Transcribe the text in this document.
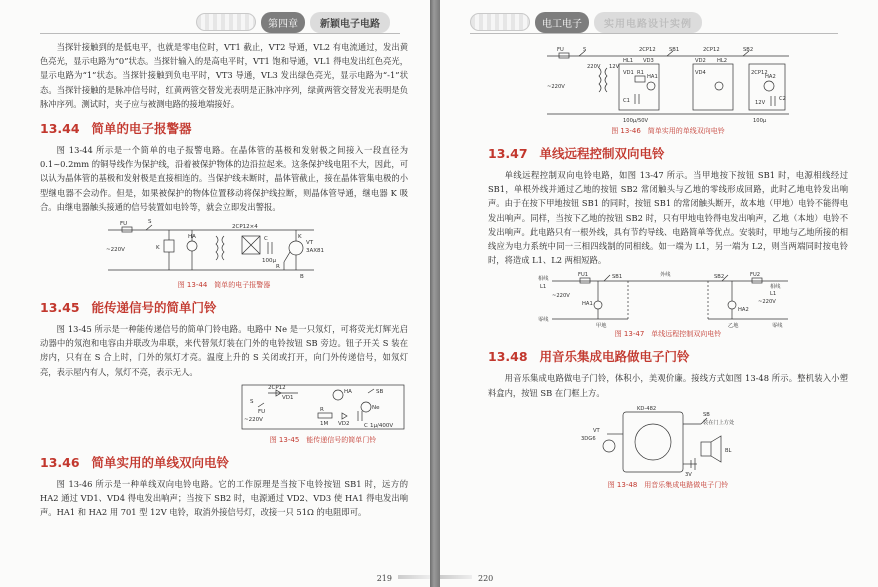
第四章	新颖电子电路

当探针接触到的是低电平，也就是零电位时，VT1 截止，VT2 导通，VL2 有电流通过，发出黄色亮光，显示电路为“0”状态。当探针输入的是高电平时，VT1 饱和导通，VL1 得电发出红色亮光，显示电路为“1”状态。当探针接触到负电平时，VT3 导通，VL3 发出绿色亮光，显示电路为“-1”状态。当探针接触的是脉冲信号时，红黄两管交替发光表明是正脉冲序列，绿黄两管交替发光表明是负脉冲序列。测试时，夹子应与被测电路的接地端接好。

13.44 简单的电子报警器

图 13-44 所示是一个简单的电子报警电路。在晶体管的基极和发射极之间接入一段直径为 0.1~0.2mm 的铜导线作为保护线，沿着被保护物体的边沿拉起来。这条保护线电阻不大，因此，可以认为晶体管的基极和发射极是直接相连的。当保护线未断时，晶体管截止，接在晶体管集电极的小型继电器不会动作。但是，如果被保护的物体位置移动将保护线拉断，则晶体管导通，继电器 K 吸合。由继电器触头接通的信号装置如电铃等，就会立即发出警报。

FU	S
~220V	K
HA
2CP12×4
C
100μ
VT
3AX81
R
K
B
图 13-44　简单的电子报警器
13.45 能传递信号的简单门铃

图 13-45 所示是一种能传递信号的简单门铃电路。电路中 Ne 是一只氖灯，可将荧光灯辉光启动器中的氖泡和电容由并联改为串联，来代替氖灯装在门外的电铃按钮 SB 旁边。钮子开关 S 装在房内，只有在 S 合上时，门外的氖灯才亮。温度上升的 S 关闭或打开，向门外传递信号，如氖灯亮，表示屋内有人，氖灯不亮，表示无人。

2CP12
VD1
HA
Ne
SB
S
~220V
FU	R
1M VD2	C 1μ/400V
图 13-45　能传递信号的简单门铃
13.46 简单实用的单线双向电铃

图 13-46 所示是一种单线双向电铃电路。它的工作原理是当按下电铃按钮 SB1 时，远方的 HA2 通过 VD1、VD4 得电发出响声；当按下 SB2 时，电源通过 VD2、VD3 使 HA1 得电发出响声。HA1 和 HA2 用 701 型 12V 电铃，取消外接信号灯，改接一只 51Ω 的电阻即可。

219
电工电子	实用电路设计实例
FU	S
~220V
220V 12V
SB1
2CP12
HL1 VD3
VD1 R1
HA1
C1
100μ/50V
SB2
2CP12
VD2 HL2
VD4
HA2
C2
100μ
2CP12
12V
图 13-46　简单实用的单线双向电铃
13.47 单线远程控制双向电铃

单线远程控制双向电铃电路，如图 13-47 所示。当甲地按下按钮 SB1 时，电源相线经过 SB1，单根外线并通过乙地的按钮 SB2 常闭触头与乙地的零线形成回路，此时乙地电铃发出响声。由于在按下甲地按钮 SB1 的同时，按钮 SB1 的常闭触头断开，故本地（甲地）电铃不能得电发出响声。同样，当按下乙地的按钮 SB2 时，只有甲地电铃得电发出响声，乙地（本地）电铃不发出响声。此电路只有一根外线，具有节约导线、电路简单等优点。安装时，甲地与乙地所接的相线应为电力系统中同一三相四线制的同相线。如一端为 L1，另一端为 L2，则当两端同时按电铃时，将造成 L1、L2 两相短路。

相线
L1
FU1	SB1	外线	SB2	FU2
相线
L1
~220V
~220V
HA1
HA2
零线
甲地	乙地	零线
图 13-47　单线远程控制双向电铃
13.48 用音乐集成电路做电子门铃

用音乐集成电路做电子门铃，体积小，美观价廉。接线方式如图 13-48 所示。整机装入小塑料盒内，按钮 SB 在门框上方。

KD-482
SB
装在门上方处
VT
3DG6
BL
3V
图 13-48　用音乐集成电路做电子门铃
220
